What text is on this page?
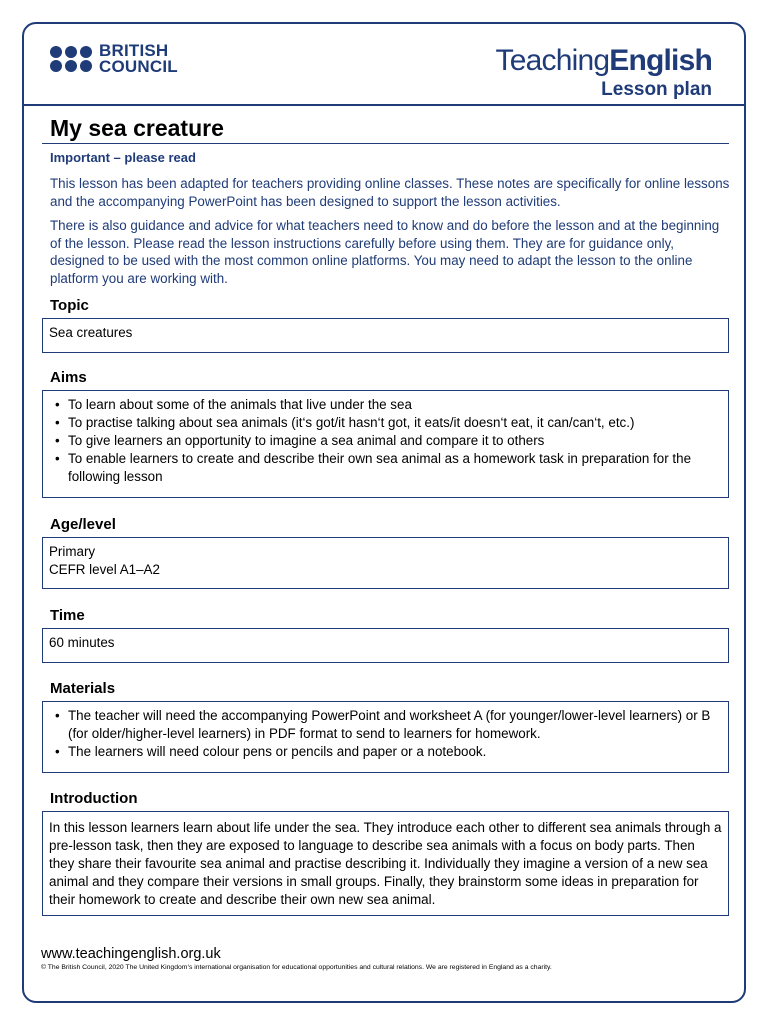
BRITISH
COUNCIL	TeachingEnglish
Lesson plan
My sea creature
Important – please read
This lesson has been adapted for teachers providing online classes. These notes are specifically for online lessons and the accompanying PowerPoint has been designed to support the lesson activities.
There is also guidance and advice for what teachers need to know and do before the lesson and at the beginning of the lesson. Please read the lesson instructions carefully before using them. They are for guidance only, designed to be used with the most common online platforms. You may need to adapt the lesson to the online platform you are working with.
Topic
Sea creatures
Aims
• To learn about some of the animals that live under the sea
• To practise talking about sea animals (it‘s got/it hasn‘t got, it eats/it doesn‘t eat, it can/can‘t, etc.)
• To give learners an opportunity to imagine a sea animal and compare it to others
• To enable learners to create and describe their own sea animal as a homework task in preparation for the following lesson
Age/level
Primary
CEFR level A1–A2
Time
60 minutes
Materials
• The teacher will need the accompanying PowerPoint and worksheet A (for younger/lower-level learners) or B (for older/higher-level learners) in PDF format to send to learners for homework.
• The learners will need colour pens or pencils and paper or a notebook.
Introduction
In this lesson learners learn about life under the sea. They introduce each other to different sea animals through a pre-lesson task, then they are exposed to language to describe sea animals with a focus on body parts. Then they share their favourite sea animal and practise describing it. Individually they imagine a version of a new sea animal and they compare their versions in small groups. Finally, they brainstorm some ideas in preparation for their homework to create and describe their own new sea animal.
www.teachingenglish.org.uk
© The British Council, 2020 The United Kingdom‘s international organisation for educational opportunities and cultural relations. We are registered in England as a charity.
